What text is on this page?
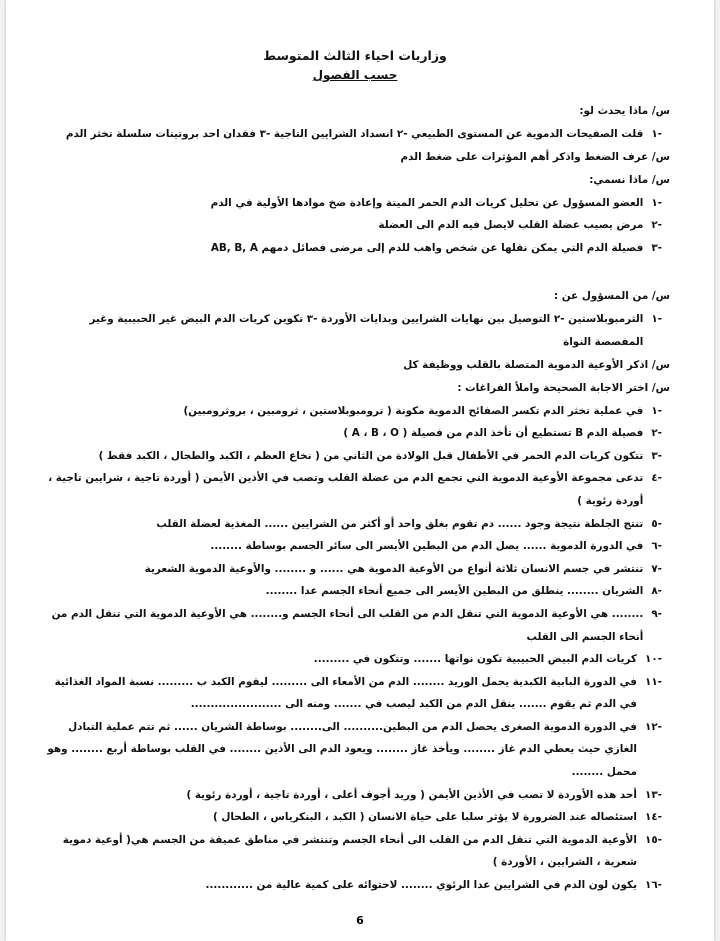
وزاريات احياء الثالث المتوسط
حسب الفصول
س/ ماذا يحدث لو:
-١
قلت الصفيحات الدموية عن المستوى الطبيعي -٢ انسداد الشرايين التاجية -٣ فقدان احد بروتينات سلسلة تخثر الدم
س/ عرف الضغط واذكر أهم المؤثرات على ضغط الدم
س/ ماذا نسمي:
-١
العضو المسؤول عن تحليل كريات الدم الحمر الميتة وإعادة ضخ موادها الأولية في الدم
-٢
مرض يصيب عضلة القلب لايصل فيه الدم الى العضلة
-٣
فصيلة الدم التي يمكن نقلها عن شخص واهب للدم إلى مرضى فصائل دمهم AB, B, A
س/ من المسؤول عن :
-١
الثرمبوبلاستين -٢ التوصيل بين نهايات الشرايين وبدايات الأوردة -٣ تكوين كريات الدم البيض غير الحبيبية وغير المفصصة النواة
س/ اذكر الأوعية الدموية المتصلة بالقلب ووظيفة كل
س/ اختر الاجابة الصحيحة واملأ الفراغات :
-١
في عملية تخثر الدم تكسر الصفائح الدموية مكونة ( ترومبوبلاستين ، ثرومبين ، بروثرومبين)
-٢
فصيلة الدم B تستطيع أن تأخذ الدم من فصيلة ( A ، B ، O )
-٣
تتكون كريات الدم الحمر في الأطفال قبل الولادة من الثاني من ( نخاع العظم ، الكبد والطحال ، الكبد فقط )
-٤
تدعى مجموعة الأوعية الدموية التي تجمع الدم من عضلة القلب وتصب في الأذين الأيمن ( أوردة تاجية ، شرايين تاجية ، أوردة رئوية )
-٥
تنتج الجلطة نتيجة وجود ...... دم تقوم بغلق واحد أو أكثر من الشرايين ...... المغذية لعضلة القلب
-٦
في الدورة الدموية ...... يصل الدم من البطين الأيسر الى سائر الجسم بوساطة ........
-٧
تنتشر في جسم الانسان ثلاثة أنواع من الأوعية الدموية هي ...... و ........ والأوعية الدموية الشعرية
-٨
الشريان ........ ينطلق من البطين الأيسر الى جميع أنحاء الجسم عدا ........
-٩
........ هي الأوعية الدموية التي تنقل الدم من القلب الى أنحاء الجسم و........ هي الأوعية الدموية التي تنقل الدم من أنحاء الجسم الى القلب
-١٠
كريات الدم البيض الحبيبية تكون نواتها ....... وتتكون في .........
-١١
في الدورة البابية الكبدية يحمل الوريد ........ الدم من الأمعاء الى ......... ليقوم الكبد ب ......... نسبة المواد الغذائية في الدم ثم يقوم ....... ينقل الدم من الكبد ليصب في ....... ومنه الى .......................
-١٢
في الدورة الدموية الصغرى يحصل الدم من البطين.......... الى........ بوساطة الشريان ...... ثم تتم عملية التبادل الغازي حيث يعطي الدم غاز ........ ويأخذ غاز ........ ويعود الدم الى الأذين ........ في القلب بوساطة أربع ........ وهو محمل ........
-١٣
أحد هذه الأوردة لا تصب في الأذين الأيمن ( وريد أجوف أعلى ، أوردة تاجية ، أوردة رئوية )
-١٤
استئصاله عند الضرورة لا يؤثر سلبا على حياة الانسان ( الكبد ، البنكرياس ، الطحال )
-١٥
الأوعية الدموية التي تنقل الدم من القلب الى أنحاء الجسم وتنتشر في مناطق عميقة من الجسم هي( أوعية دموية شعرية ، الشرايين ، الأوردة )
-١٦
يكون لون الدم في الشرايين عدا الرئوي ........ لاحتوائه على كمية عالية من ............
6
